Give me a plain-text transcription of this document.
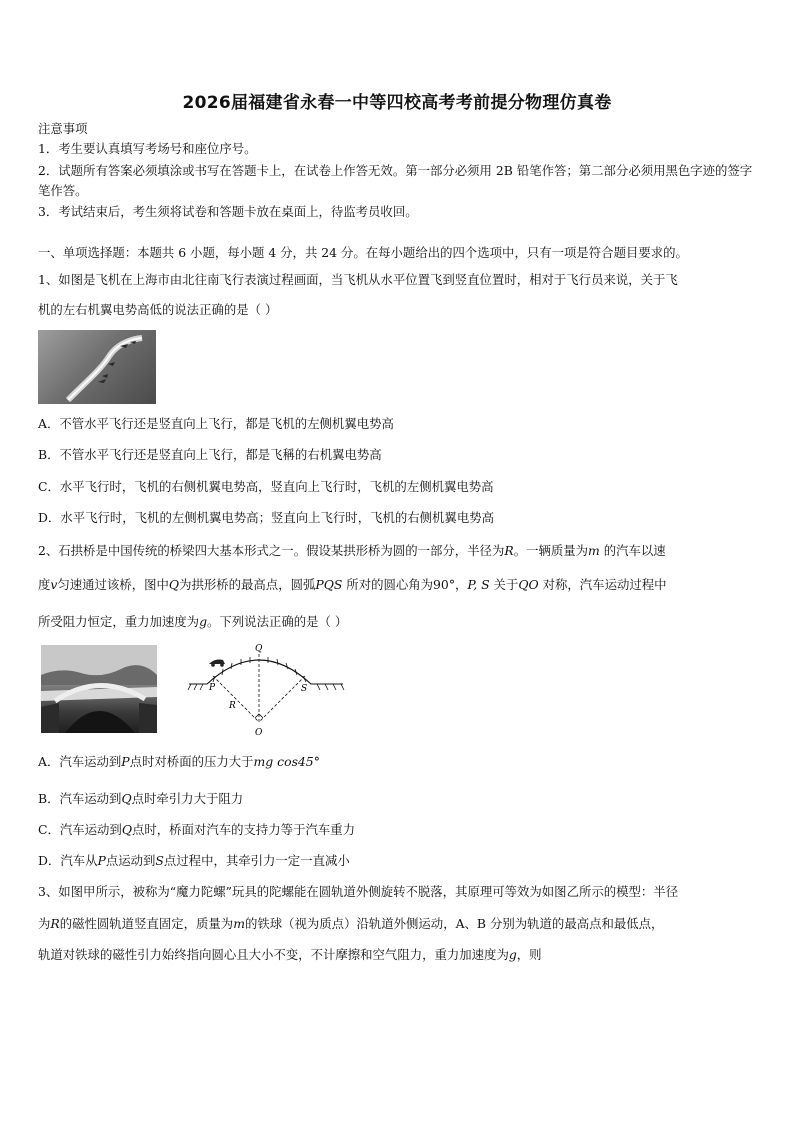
2026届福建省永春一中等四校高考考前提分物理仿真卷
注意事项
1．考生要认真填写考场号和座位序号。
2．试题所有答案必须填涂或书写在答题卡上，在试卷上作答无效。第一部分必须用 2B 铅笔作答；第二部分必须用黑色字迹的签字笔作答。
3．考试结束后，考生须将试卷和答题卡放在桌面上，待监考员收回。
一、单项选择题：本题共 6 小题，每小题 4 分，共 24 分。在每小题给出的四个选项中，只有一项是符合题目要求的。
1、如图是飞机在上海市由北往南飞行表演过程画面，当飞机从水平位置飞到竖直位置时，相对于飞行员来说，关于飞
机的左右机翼电势高低的说法正确的是（ ）
A．不管水平飞行还是竖直向上飞行，都是飞机的左侧机翼电势高
B．不管水平飞行还是竖直向上飞行，都是飞稱的右机翼电势高
C．水平飞行时，飞机的右侧机翼电势高，竖直向上飞行时，飞机的左侧机翼电势高
D．水平飞行时，飞机的左侧机翼电势高；竖直向上飞行时，飞机的右侧机翼电势高
2、石拱桥是中国传统的桥梁四大基本形式之一。假设某拱形桥为圆的一部分，半径为R。一辆质量为m 的汽车以速
度v匀速通过该桥，图中Q为拱形桥的最高点，圆弧PQS 所对的圆心角为90°，P, S 关于QO 对称，汽车运动过程中
所受阻力恒定，重力加速度为g。下列说法正确的是（ ）
Q
P	S
R
O
A．汽车运动到P点时对桥面的压力大于mg cos45°
B．汽车运动到Q点时牵引力大于阻力
C．汽车运动到Q点时，桥面对汽车的支持力等于汽车重力
D．汽车从P点运动到S点过程中，其牵引力一定一直减小
3、如图甲所示，被称为“魔力陀螺”玩具的陀螺能在圆轨道外侧旋转不脱落，其原理可等效为如图乙所示的模型：半径
为R的磁性圆轨道竖直固定，质量为m的铁球（视为质点）沿轨道外侧运动，A、B 分别为轨道的最高点和最低点，
轨道对铁球的磁性引力始终指向圆心且大小不变，不计摩擦和空气阻力，重力加速度为g，则
